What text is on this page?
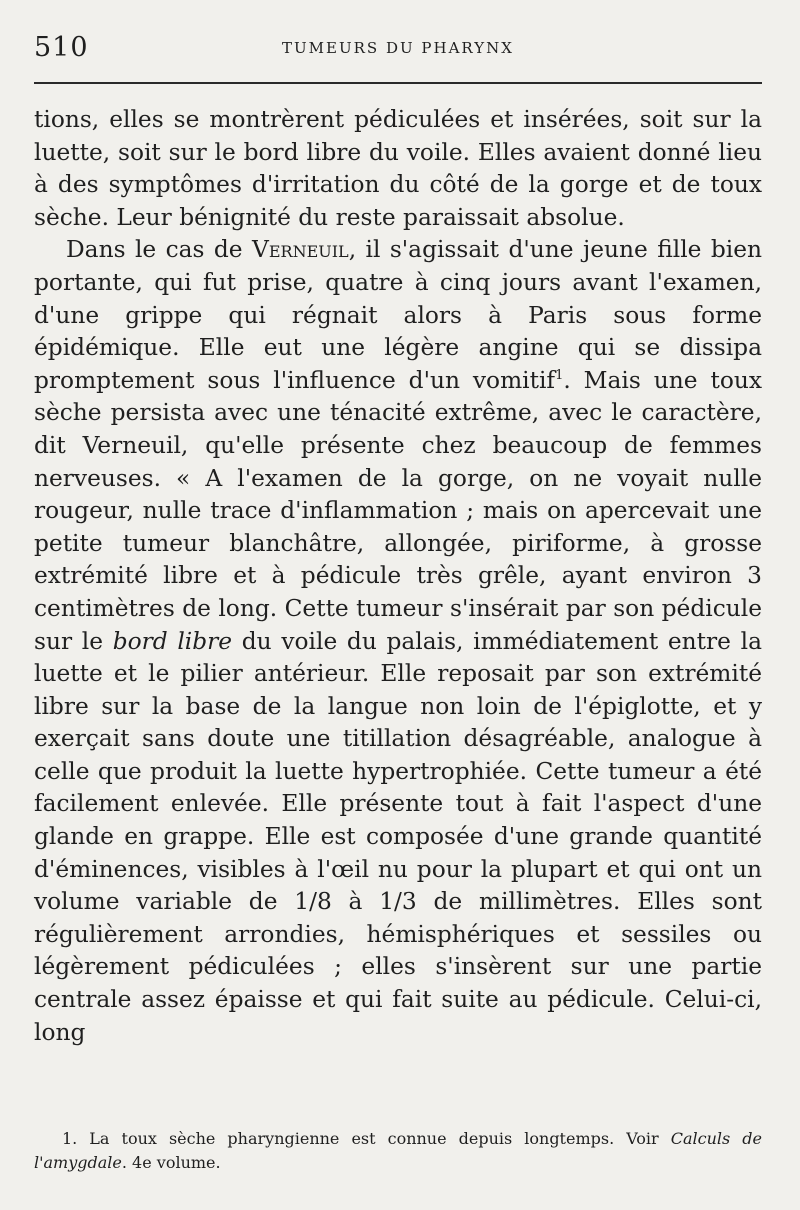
510	TUMEURS DU PHARYNX

tions, elles se montrèrent pédiculées et insérées, soit sur la luette, soit sur le bord libre du voile. Elles avaient donné lieu à des symptômes d'irritation du côté de la gorge et de toux sèche. Leur bénignité du reste paraissait absolue.

Dans le cas de Verneuil, il s'agissait d'une jeune fille bien portante, qui fut prise, quatre à cinq jours avant l'examen, d'une grippe qui régnait alors à Paris sous forme épidémique. Elle eut une légère angine qui se dissipa promptement sous l'influence d'un vomitif$^1$. Mais une toux sèche persista avec une ténacité extrême, avec le caractère, dit Verneuil, qu'elle présente chez beaucoup de femmes nerveuses. « A l'examen de la gorge, on ne voyait nulle rougeur, nulle trace d'inflammation ; mais on apercevait une petite tumeur blanchâtre, allongée, piriforme, à grosse extrémité libre et à pédicule très grêle, ayant environ 3 centimètres de long. Cette tumeur s'insérait par son pédicule sur le bord libre du voile du palais, immédiatement entre la luette et le pilier antérieur. Elle reposait par son extrémité libre sur la base de la langue non loin de l'épiglotte, et y exerçait sans doute une titillation désagréable, analogue à celle que produit la luette hypertrophiée. Cette tumeur a été facilement enlevée. Elle présente tout à fait l'aspect d'une glande en grappe. Elle est composée d'une grande quantité d'éminences, visibles à l'œil nu pour la plupart et qui ont un volume variable de 1/8 à 1/3 de millimètres. Elles sont régulièrement arrondies, hémisphériques et sessiles ou légèrement pédiculées ; elles s'insèrent sur une partie centrale assez épaisse et qui fait suite au pédicule. Celui-ci, long

1. La toux sèche pharyngienne est connue depuis longtemps. Voir Calculs de l'amygdale. 4e volume.
